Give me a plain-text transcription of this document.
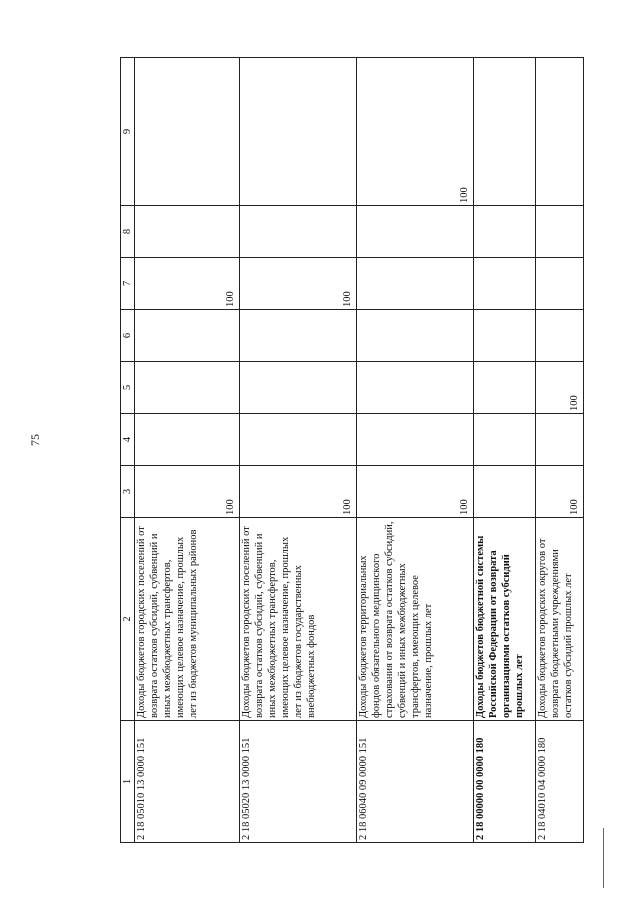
75
1	2	3	4	5	6	7	8	9
2 18 05010 13 0000 151	Доходы бюджетов городских поселений от возврата остатков субсидий, субвенций и иных межбюджетных трансфертов, имеющих целевое назначение, прошлых лет из бюджетов муниципальных районов	100				100		
2 18 05020 13 0000 151	Доходы бюджетов городских поселений от возврата остатков субсидий, субвенций и иных межбюджетных трансфертов, имеющих целевое назначение, прошлых лет из бюджетов государственных внебюджетных фондов	100				100		
2 18 06040 09 0000 151	Доходы бюджетов территориальных фондов обязательного медицинского страхования от возврата остатков субсидий, субвенций и иных межбюджетных трансфертов, имеющих целевое назначение, прошлых лет	100						100
2 18 00000 00 0000 180	Доходы бюджетов бюджетной системы Российской Федерации от возврата организациями остатков субсидий прошлых лет							
2 18 04010 04 0000 180	Доходы бюджетов городских округов от возврата бюджетными учреждениями остатков субсидий прошлых лет	100		100				
